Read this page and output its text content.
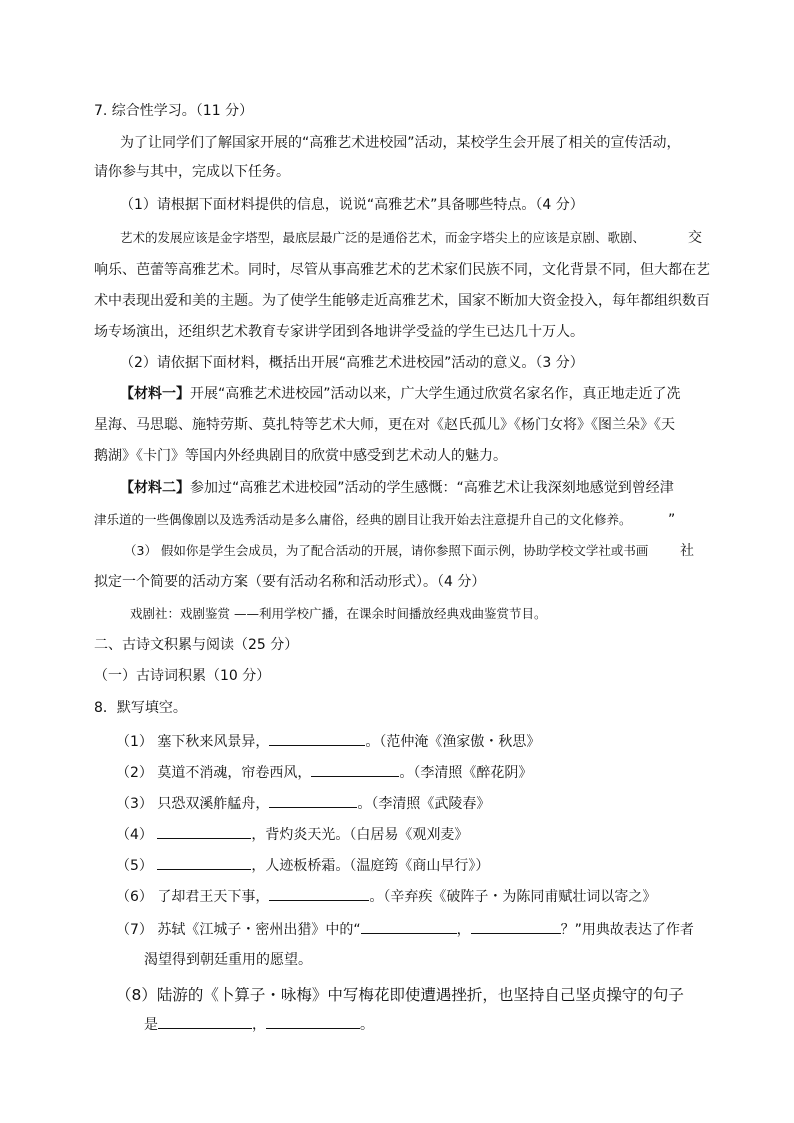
7. 综合性学习。（11 分）
为了让同学们了解国家开展的“高雅艺术进校园”活动，某校学生会开展了相关的宣传活动，
请你参与其中，完成以下任务。
（1）请根据下面材料提供的信息，说说“高雅艺术”具备哪些特点。（4 分）
艺术的发展应该是金字塔型，最底层最广泛的是通俗艺术，而金字塔尖上的应该是京剧、歌剧、	交
响乐、芭蕾等高雅艺术。同时，尽管从事高雅艺术的艺术家们民族不同，文化背景不同，但大都在艺
术中表现出爱和美的主题。为了使学生能够走近高雅艺术，国家不断加大资金投入，每年都组织数百
场专场演出，还组织艺术教育专家讲学团到各地讲学受益的学生已达几十万人。
（2）请依据下面材料，概括出开展“高雅艺术进校园”活动的意义。（3 分）
【材料一】开展“高雅艺术进校园”活动以来，广大学生通过欣赏名家名作，真正地走近了冼
星海、马思聪、施特劳斯、莫扎特等艺术大师，更在对《赵氏孤儿》《杨门女将》《图兰朵》《天
鹅湖》《卡门》等国内外经典剧目的欣赏中感受到艺术动人的魅力。
【材料二】参加过“高雅艺术进校园”活动的学生感慨：“高雅艺术让我深刻地感觉到曾经津
津乐道的一些偶像剧以及选秀活动是多么庸俗，经典的剧目让我开始去注意提升自己的文化修养。	”
（3） 假如你是学生会成员，为了配合活动的开展，请你参照下面示例，协助学校文学社或书画 社
拟定一个简要的活动方案（要有活动名称和活动形式）。（4 分）
戏剧社：戏剧鉴赏 ——利用学校广播，在课余时间播放经典戏曲鉴赏节目。
二、古诗文积累与阅读（25 分）
（一）古诗词积累（10 分）
8．默写填空。
（1） 塞下秋来风景异，	。（范仲淹《渔家傲・秋思》
（2） 莫道不消魂，帘卷西风，	。（李清照《醉花阴》
（3） 只恐双溪舴艋舟，	。（李清照《武陵春》
（4）	，背灼炎天光。（白居易《观刈麦》
（5）	，人迹板桥霜。（温庭筠《商山早行》）
（6） 了却君王天下事，	。（辛弃疾《破阵子・为陈同甫赋壮词以寄之》
（7） 苏轼《江城子・密州出猎》中的“	，	？”用典故表达了作者
渴望得到朝廷重用的愿望。
（8）陆游的《卜算子・咏梅》中写梅花即使遭遇挫折，也坚持自己坚贞操守的句子
是	，	。
